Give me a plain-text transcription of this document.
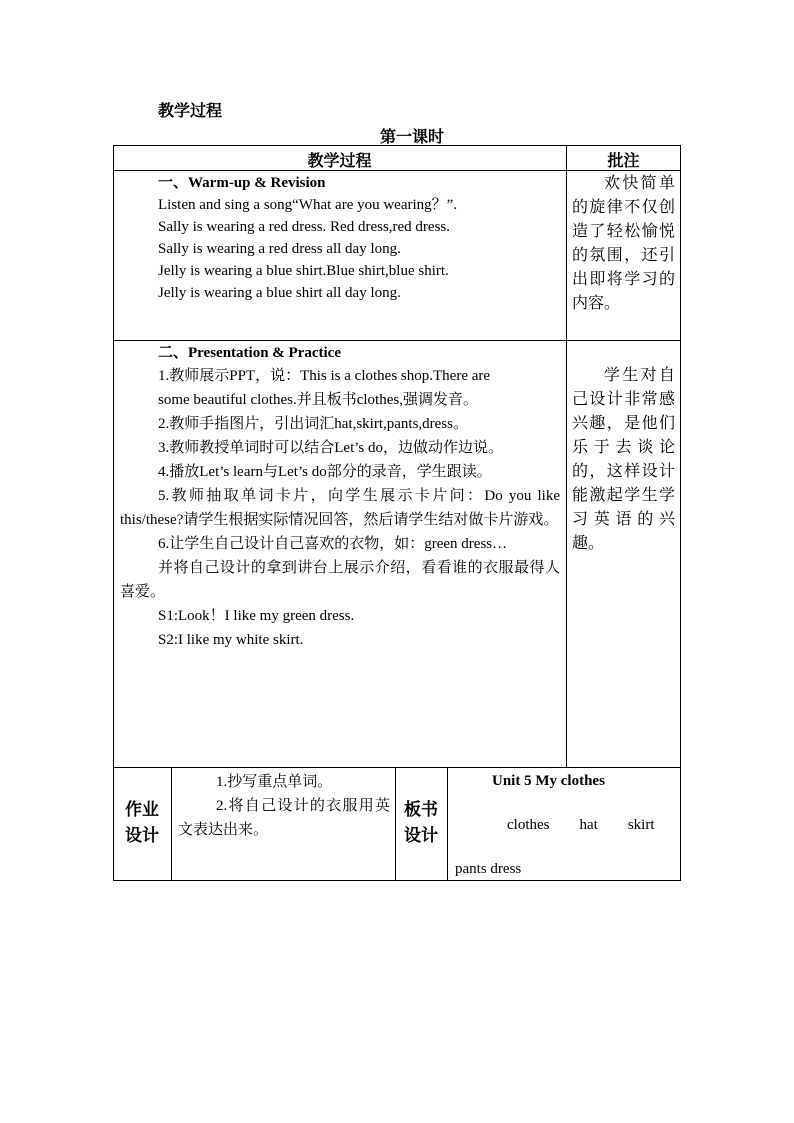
教学过程
第一课时
教学过程	批注

一、Warm-up & Revision

Listen and sing a song“What are you wearing？”.

Sally is wearing a red dress. Red dress,red dress.

Sally is wearing a red dress all day long.

Jelly is wearing a blue shirt.Blue shirt,blue shirt.

Jelly is wearing a blue shirt all day long.

欢快简单的旋律不仅创造了轻松愉悦的氛围，还引出即将学习的内容。

二、Presentation & Practice

1.教师展示PPT，说：This is a clothes shop.There are

some beautiful clothes.并且板书clothes,强调发音。

2.教师手指图片，引出词汇hat,skirt,pants,dress。

3.教师教授单词时可以结合Let’s do，边做动作边说。

4.播放Let’s learn与Let’s do部分的录音，学生跟读。

5.教师抽取单词卡片，向学生展示卡片问：Do you like this/these?请学生根据实际情况回答，然后请学生结对做卡片游戏。

6.让学生自己设计自己喜欢的衣物，如：green dress…

并将自己设计的拿到讲台上展示介绍，看看谁的衣服最得人喜爱。

S1:Look！I like my green dress.

S2:I like my white skirt.

学生对自己设计非常感兴趣，是他们乐于去谈论的，这样设计能激起学生学习英语的兴趣。

作业
设计

1.抄写重点单词。

2.将自己设计的衣服用英文表达出来。

板书
设计

Unit 5 My clothes

clothes        hat        skirt

pants dress
